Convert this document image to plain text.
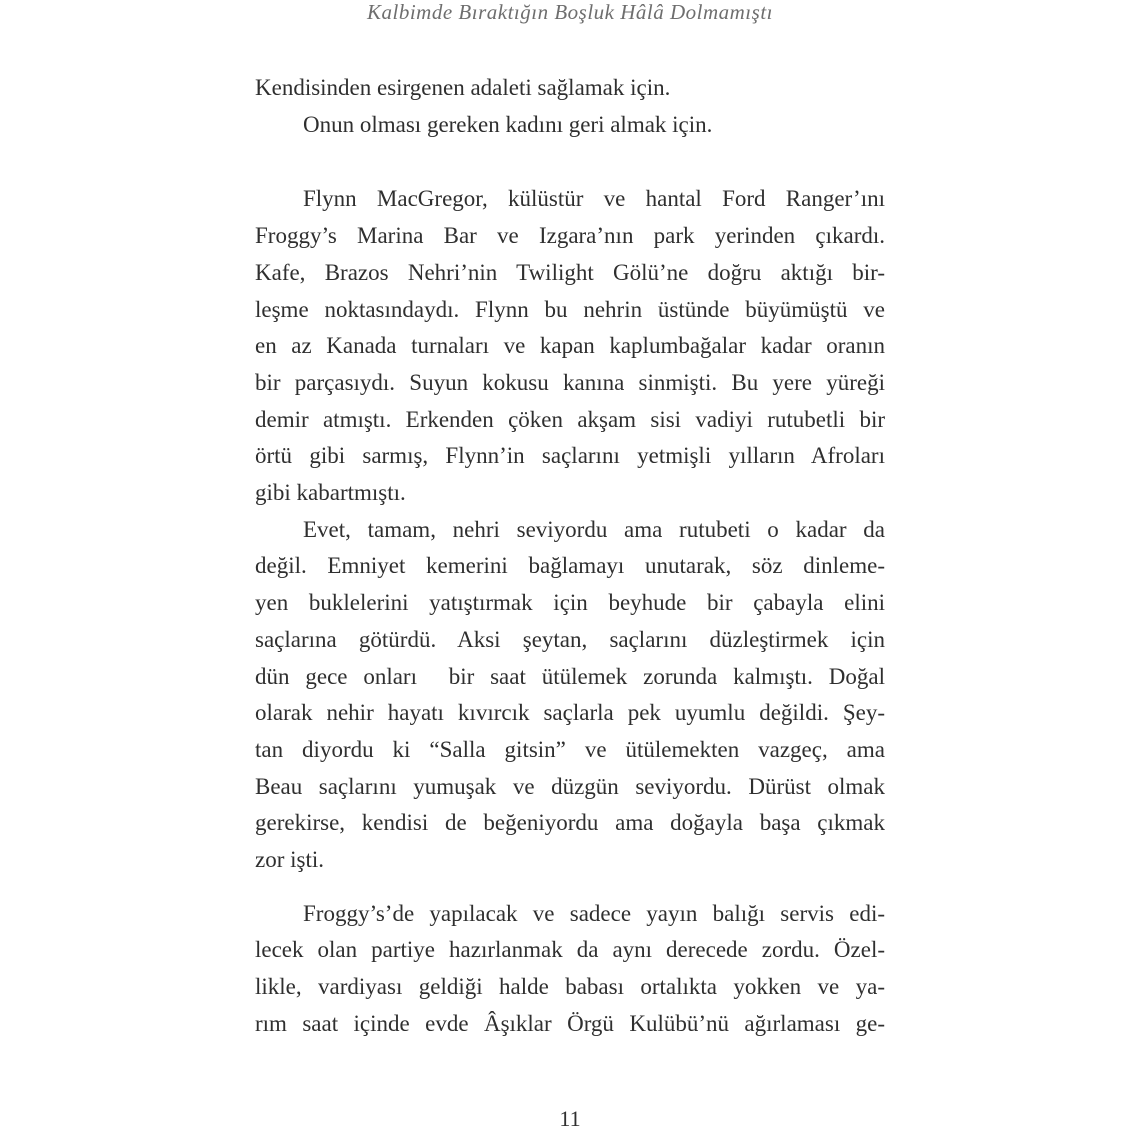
Kalbimde Bıraktığın Boşluk Hâlâ Dolmamıştı
Kendisinden esirgenen adaleti sağlamak için.
Onun olması gereken kadını geri almak için.
Flynn MacGregor, külüstür ve hantal Ford Ranger’ını
Froggy’s Marina Bar ve Izgara’nın park yerinden çıkardı.
Kafe, Brazos Nehri’nin Twilight Gölü’ne doğru aktığı bir-
leşme noktasındaydı. Flynn bu nehrin üstünde büyümüştü ve
en az Kanada turnaları ve kapan kaplumbağalar kadar oranın
bir parçasıydı. Suyun kokusu kanına sinmişti. Bu yere yüreği
demir atmıştı. Erkenden çöken akşam sisi vadiyi rutubetli bir
örtü gibi sarmış, Flynn’in saçlarını yetmişli yılların Afroları
gibi kabartmıştı.
Evet, tamam, nehri seviyordu ama rutubeti o kadar da
değil. Emniyet kemerini bağlamayı unutarak, söz dinleme-
yen buklelerini yatıştırmak için beyhude bir çabayla elini
saçlarına götürdü. Aksi şeytan, saçlarını düzleştirmek için
dün gece onları  bir saat ütülemek zorunda kalmıştı. Doğal
olarak nehir hayatı kıvırcık saçlarla pek uyumlu değildi. Şey-
tan diyordu ki “Salla gitsin” ve ütülemekten vazgeç, ama
Beau saçlarını yumuşak ve düzgün seviyordu. Dürüst olmak
gerekirse, kendisi de beğeniyordu ama doğayla başa çıkmak
zor işti.
Froggy’s’de yapılacak ve sadece yayın balığı servis edi-
lecek olan partiye hazırlanmak da aynı derecede zordu. Özel-
likle, vardiyası geldiği halde babası ortalıkta yokken ve ya-
rım saat içinde evde Âşıklar Örgü Kulübü’nü ağırlaması ge-
11
